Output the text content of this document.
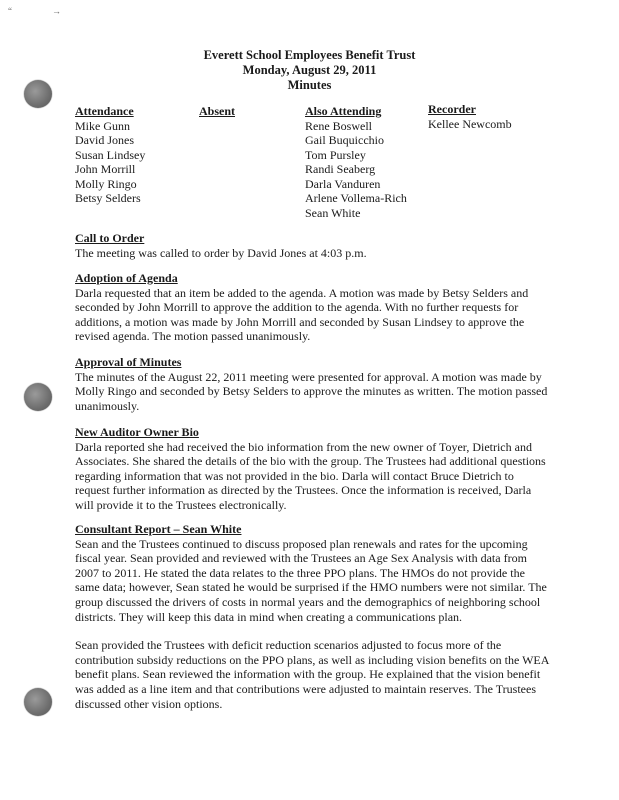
“	→
Everett School Employees Benefit Trust
Monday, August 29, 2011
Minutes
Attendance
Mike Gunn
David Jones
Susan Lindsey
John Morrill
Molly Ringo
Betsy Selders
Absent	Also Attending
Rene Boswell
Gail Buquicchio
Tom Pursley
Randi Seaberg
Darla Vanduren
Arlene Vollema-Rich
Sean White
Recorder
Kellee Newcomb
Call to Order

The meeting was called to order by David Jones at 4:03 p.m.

Adoption of Agenda

Darla requested that an item be added to the agenda. A motion was made by Betsy Selders and seconded by John Morrill to approve the addition to the agenda. With no further requests for additions, a motion was made by John Morrill and seconded by Susan Lindsey to approve the revised agenda. The motion passed unanimously.

Approval of Minutes

The minutes of the August 22, 2011 meeting were presented for approval. A motion was made by Molly Ringo and seconded by Betsy Selders to approve the minutes as written. The motion passed unanimously.

New Auditor Owner Bio

Darla reported she had received the bio information from the new owner of Toyer, Dietrich and Associates. She shared the details of the bio with the group. The Trustees had additional questions regarding information that was not provided in the bio. Darla will contact Bruce Dietrich to request further information as directed by the Trustees. Once the information is received, Darla will provide it to the Trustees electronically.

Consultant Report – Sean White

Sean and the Trustees continued to discuss proposed plan renewals and rates for the upcoming fiscal year. Sean provided and reviewed with the Trustees an Age Sex Analysis with data from 2007 to 2011. He stated the data relates to the three PPO plans. The HMOs do not provide the same data; however, Sean stated he would be surprised if the HMO numbers were not similar. The group discussed the drivers of costs in normal years and the demographics of neighboring school districts. They will keep this data in mind when creating a communications plan.

Sean provided the Trustees with deficit reduction scenarios adjusted to focus more of the contribution subsidy reductions on the PPO plans, as well as including vision benefits on the WEA benefit plans. Sean reviewed the information with the group. He explained that the vision benefit was added as a line item and that contributions were adjusted to maintain reserves. The Trustees discussed other vision options.
